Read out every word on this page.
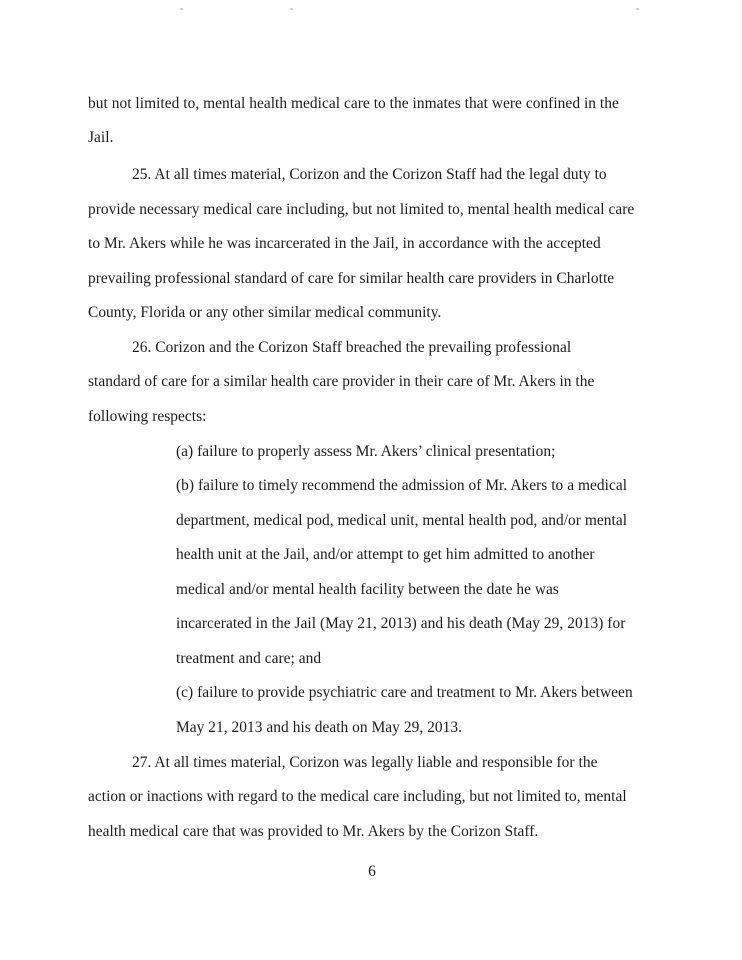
but not limited to, mental health medical care to the inmates that were confined in the
Jail.
25. At all times material, Corizon and the Corizon Staff had the legal duty to
provide necessary medical care including, but not limited to, mental health medical care
to Mr. Akers while he was incarcerated in the Jail, in accordance with the accepted
prevailing professional standard of care for similar health care providers in Charlotte
County, Florida or any other similar medical community.
26. Corizon and the Corizon Staff breached the prevailing professional
standard of care for a similar health care provider in their care of Mr. Akers in the
following respects:
(a) failure to properly assess Mr. Akers’ clinical presentation;
(b) failure to timely recommend the admission of Mr. Akers to a medical
department, medical pod, medical unit, mental health pod, and/or mental
health unit at the Jail, and/or attempt to get him admitted to another
medical and/or mental health facility between the date he was
incarcerated in the Jail (May 21, 2013) and his death (May 29, 2013) for
treatment and care; and
(c) failure to provide psychiatric care and treatment to Mr. Akers between
May 21, 2013 and his death on May 29, 2013.
27. At all times material, Corizon was legally liable and responsible for the
action or inactions with regard to the medical care including, but not limited to, mental
health medical care that was provided to Mr. Akers by the Corizon Staff.
6
